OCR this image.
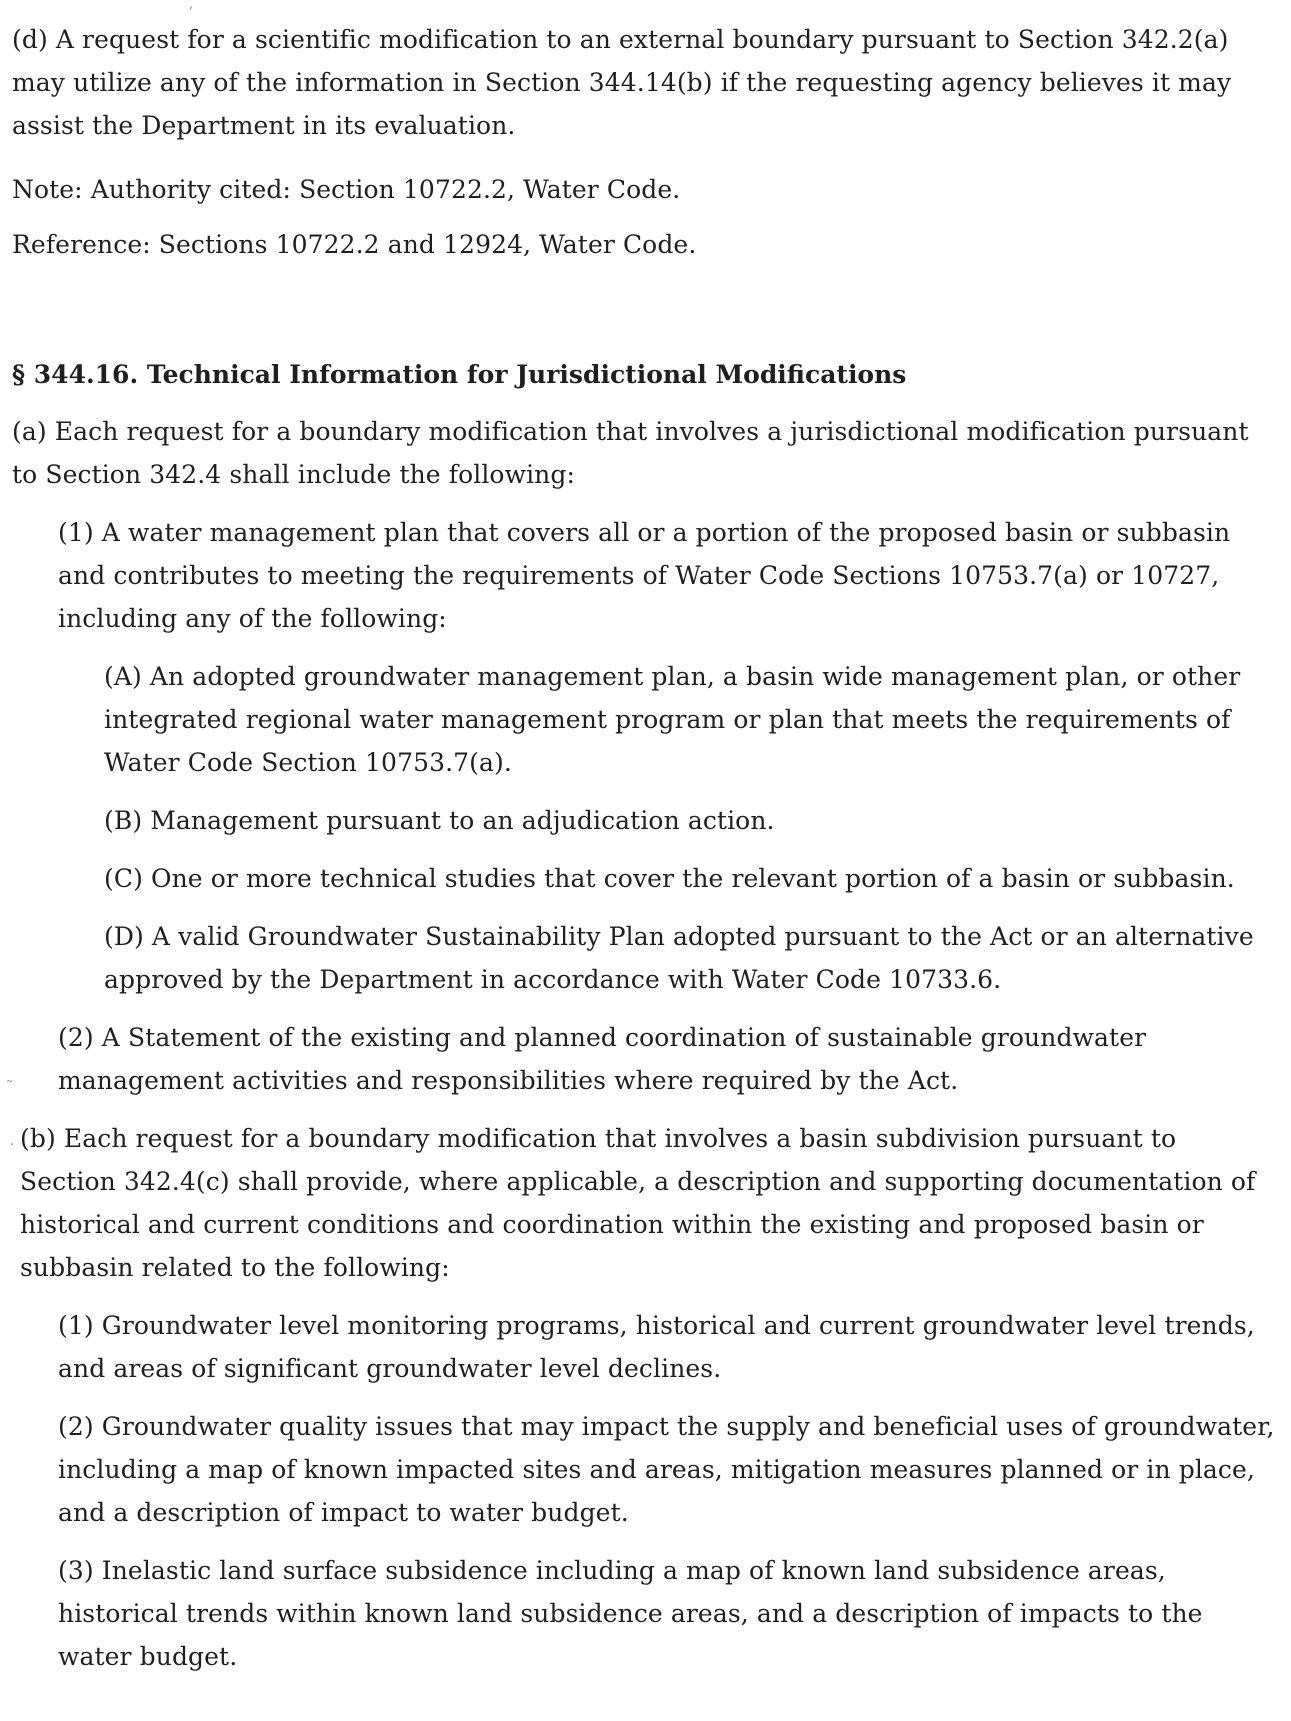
(d) A request for a scientific modification to an external boundary pursuant to Section 342.2(a) may utilize any of the information in Section 344.14(b) if the requesting agency believes it may assist the Department in its evaluation.

Note: Authority cited: Section 10722.2, Water Code.

Reference: Sections 10722.2 and 12924, Water Code.

§ 344.16. Technical Information for Jurisdictional Modifications

(a) Each request for a boundary modification that involves a jurisdictional modification pursuant to Section 342.4 shall include the following:

(1) A water management plan that covers all or a portion of the proposed basin or subbasin and contributes to meeting the requirements of Water Code Sections 10753.7(a) or 10727, including any of the following:

(A) An adopted groundwater management plan, a basin wide management plan, or other integrated regional water management program or plan that meets the requirements of Water Code Section 10753.7(a).

(B) Management pursuant to an adjudication action.

(C) One or more technical studies that cover the relevant portion of a basin or subbasin.

(D) A valid Groundwater Sustainability Plan adopted pursuant to the Act or an alternative approved by the Department in accordance with Water Code 10733.6.

(2) A Statement of the existing and planned coordination of sustainable groundwater management activities and responsibilities where required by the Act.

(b) Each request for a boundary modification that involves a basin subdivision pursuant to Section 342.4(c) shall provide, where applicable, a description and supporting documentation of historical and current conditions and coordination within the existing and proposed basin or subbasin related to the following:

(1) Groundwater level monitoring programs, historical and current groundwater level trends, and areas of significant groundwater level declines.

(2) Groundwater quality issues that may impact the supply and beneficial uses of groundwater, including a map of known impacted sites and areas, mitigation measures planned or in place, and a description of impact to water budget.

(3) Inelastic land surface subsidence including a map of known land subsidence areas, historical trends within known land subsidence areas, and a description of impacts to the water budget.

ʼ
˜
·
